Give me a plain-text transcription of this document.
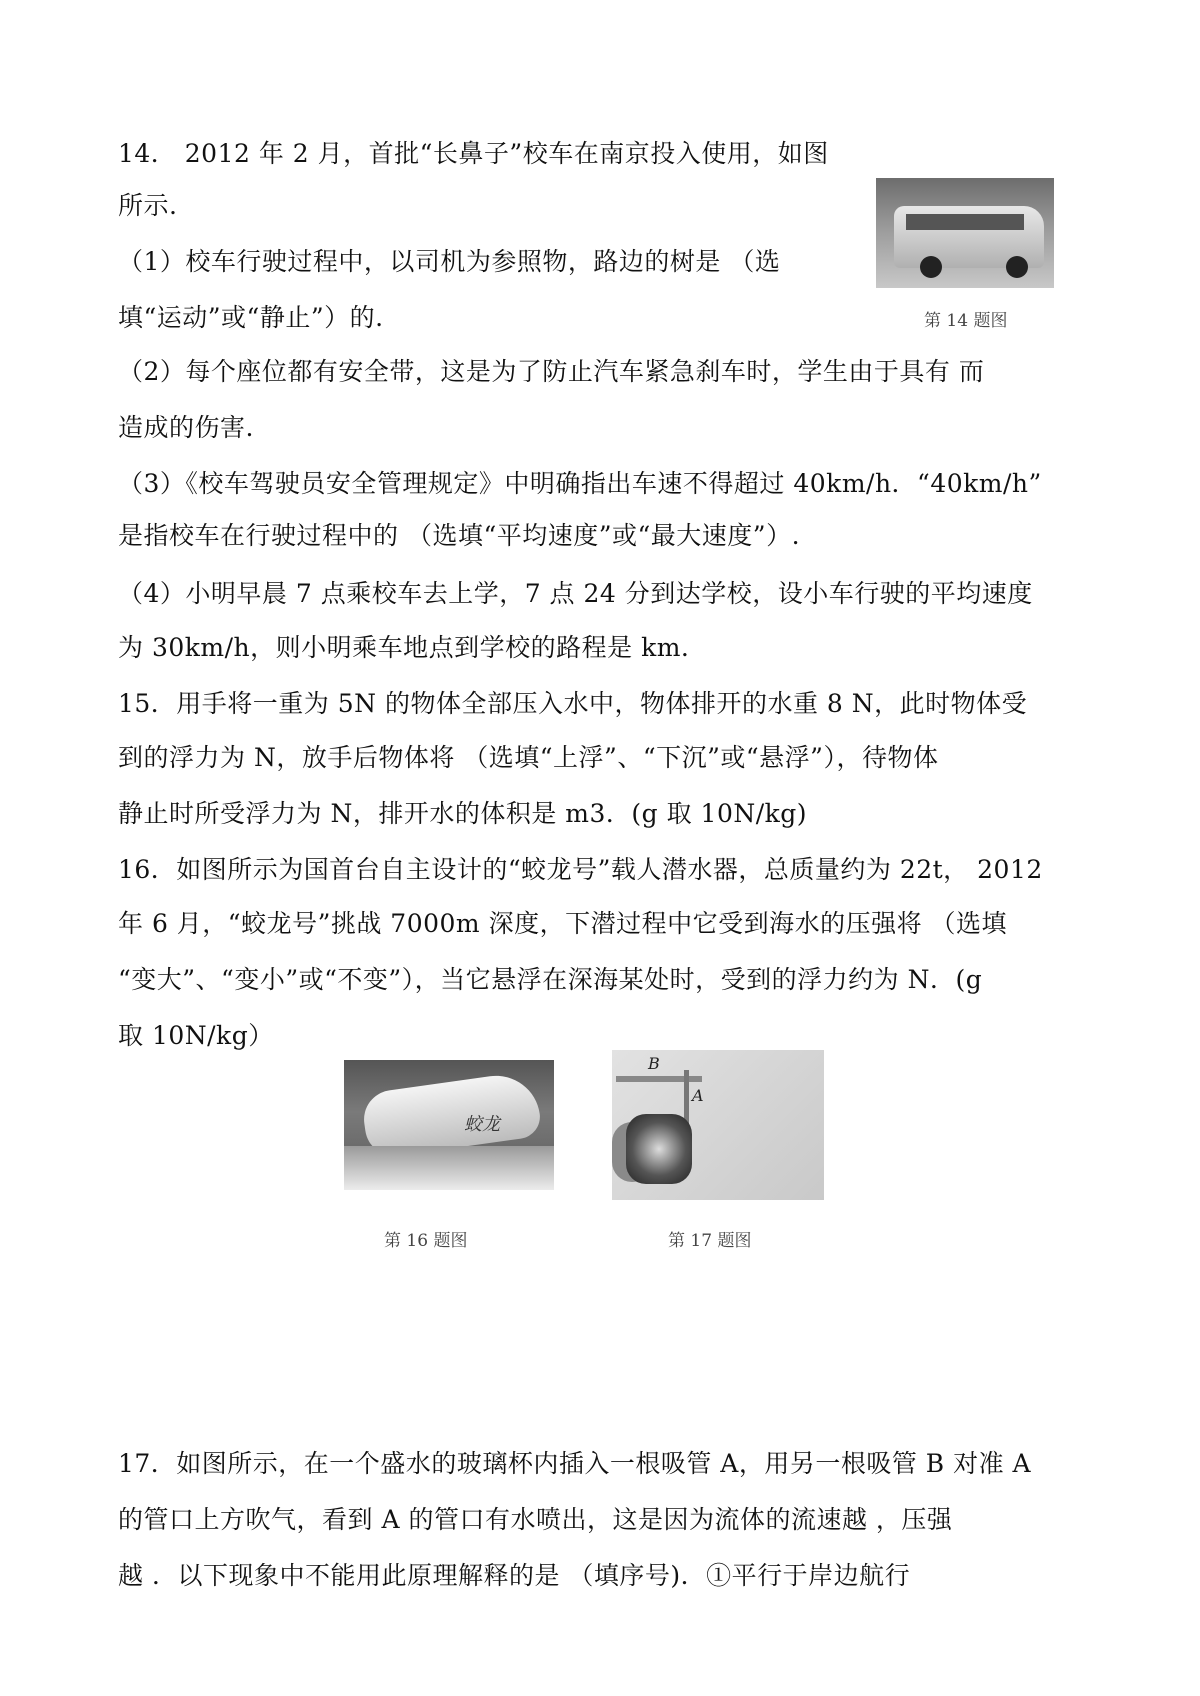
14． 2012 年 2 月，首批“长鼻子”校车在南京投入使用，如图
所示.
（1）校车行驶过程中，以司机为参照物，路边的树是 （选
填“运动”或“静止”）的.
（2）每个座位都有安全带，这是为了防止汽车紧急刹车时，学生由于具有 而
造成的伤害.
（3）《校车驾驶员安全管理规定》中明确指出车速不得超过 40km/h．“40km/h”
是指校车在行驶过程中的 （选填“平均速度”或“最大速度”）.
（4）小明早晨 7 点乘校车去上学，7 点 24 分到达学校，设小车行驶的平均速度
为 30km/h，则小明乘车地点到学校的路程是 km．
15．用手将一重为 5N 的物体全部压入水中，物体排开的水重 8 N，此时物体受
到的浮力为 N，放手后物体将 （选填“上浮”、“下沉”或“悬浮”），待物体
静止时所受浮力为 N，排开水的体积是 m3．(g 取 10N/kg)
16．如图所示为国首台自主设计的“蛟龙号”载人潜水器，总质量约为 22t， 2012
年 6 月，“蛟龙号”挑战 7000m 深度，下潜过程中它受到海水的压强将 （选填
“变大”、“变小”或“不变”），当它悬浮在深海某处时，受到的浮力约为 N．(g
取 10N/kg）
17．如图所示，在一个盛水的玻璃杯内插入一根吸管 A，用另一根吸管 B 对准 A
的管口上方吹气，看到 A 的管口有水喷出，这是因为流体的流速越 ，压强
越 ．以下现象中不能用此原理解释的是 （填序号)．①平行于岸边航行
第 14 题图
蛟龙
第 16 题图
B
A
第 17 题图
